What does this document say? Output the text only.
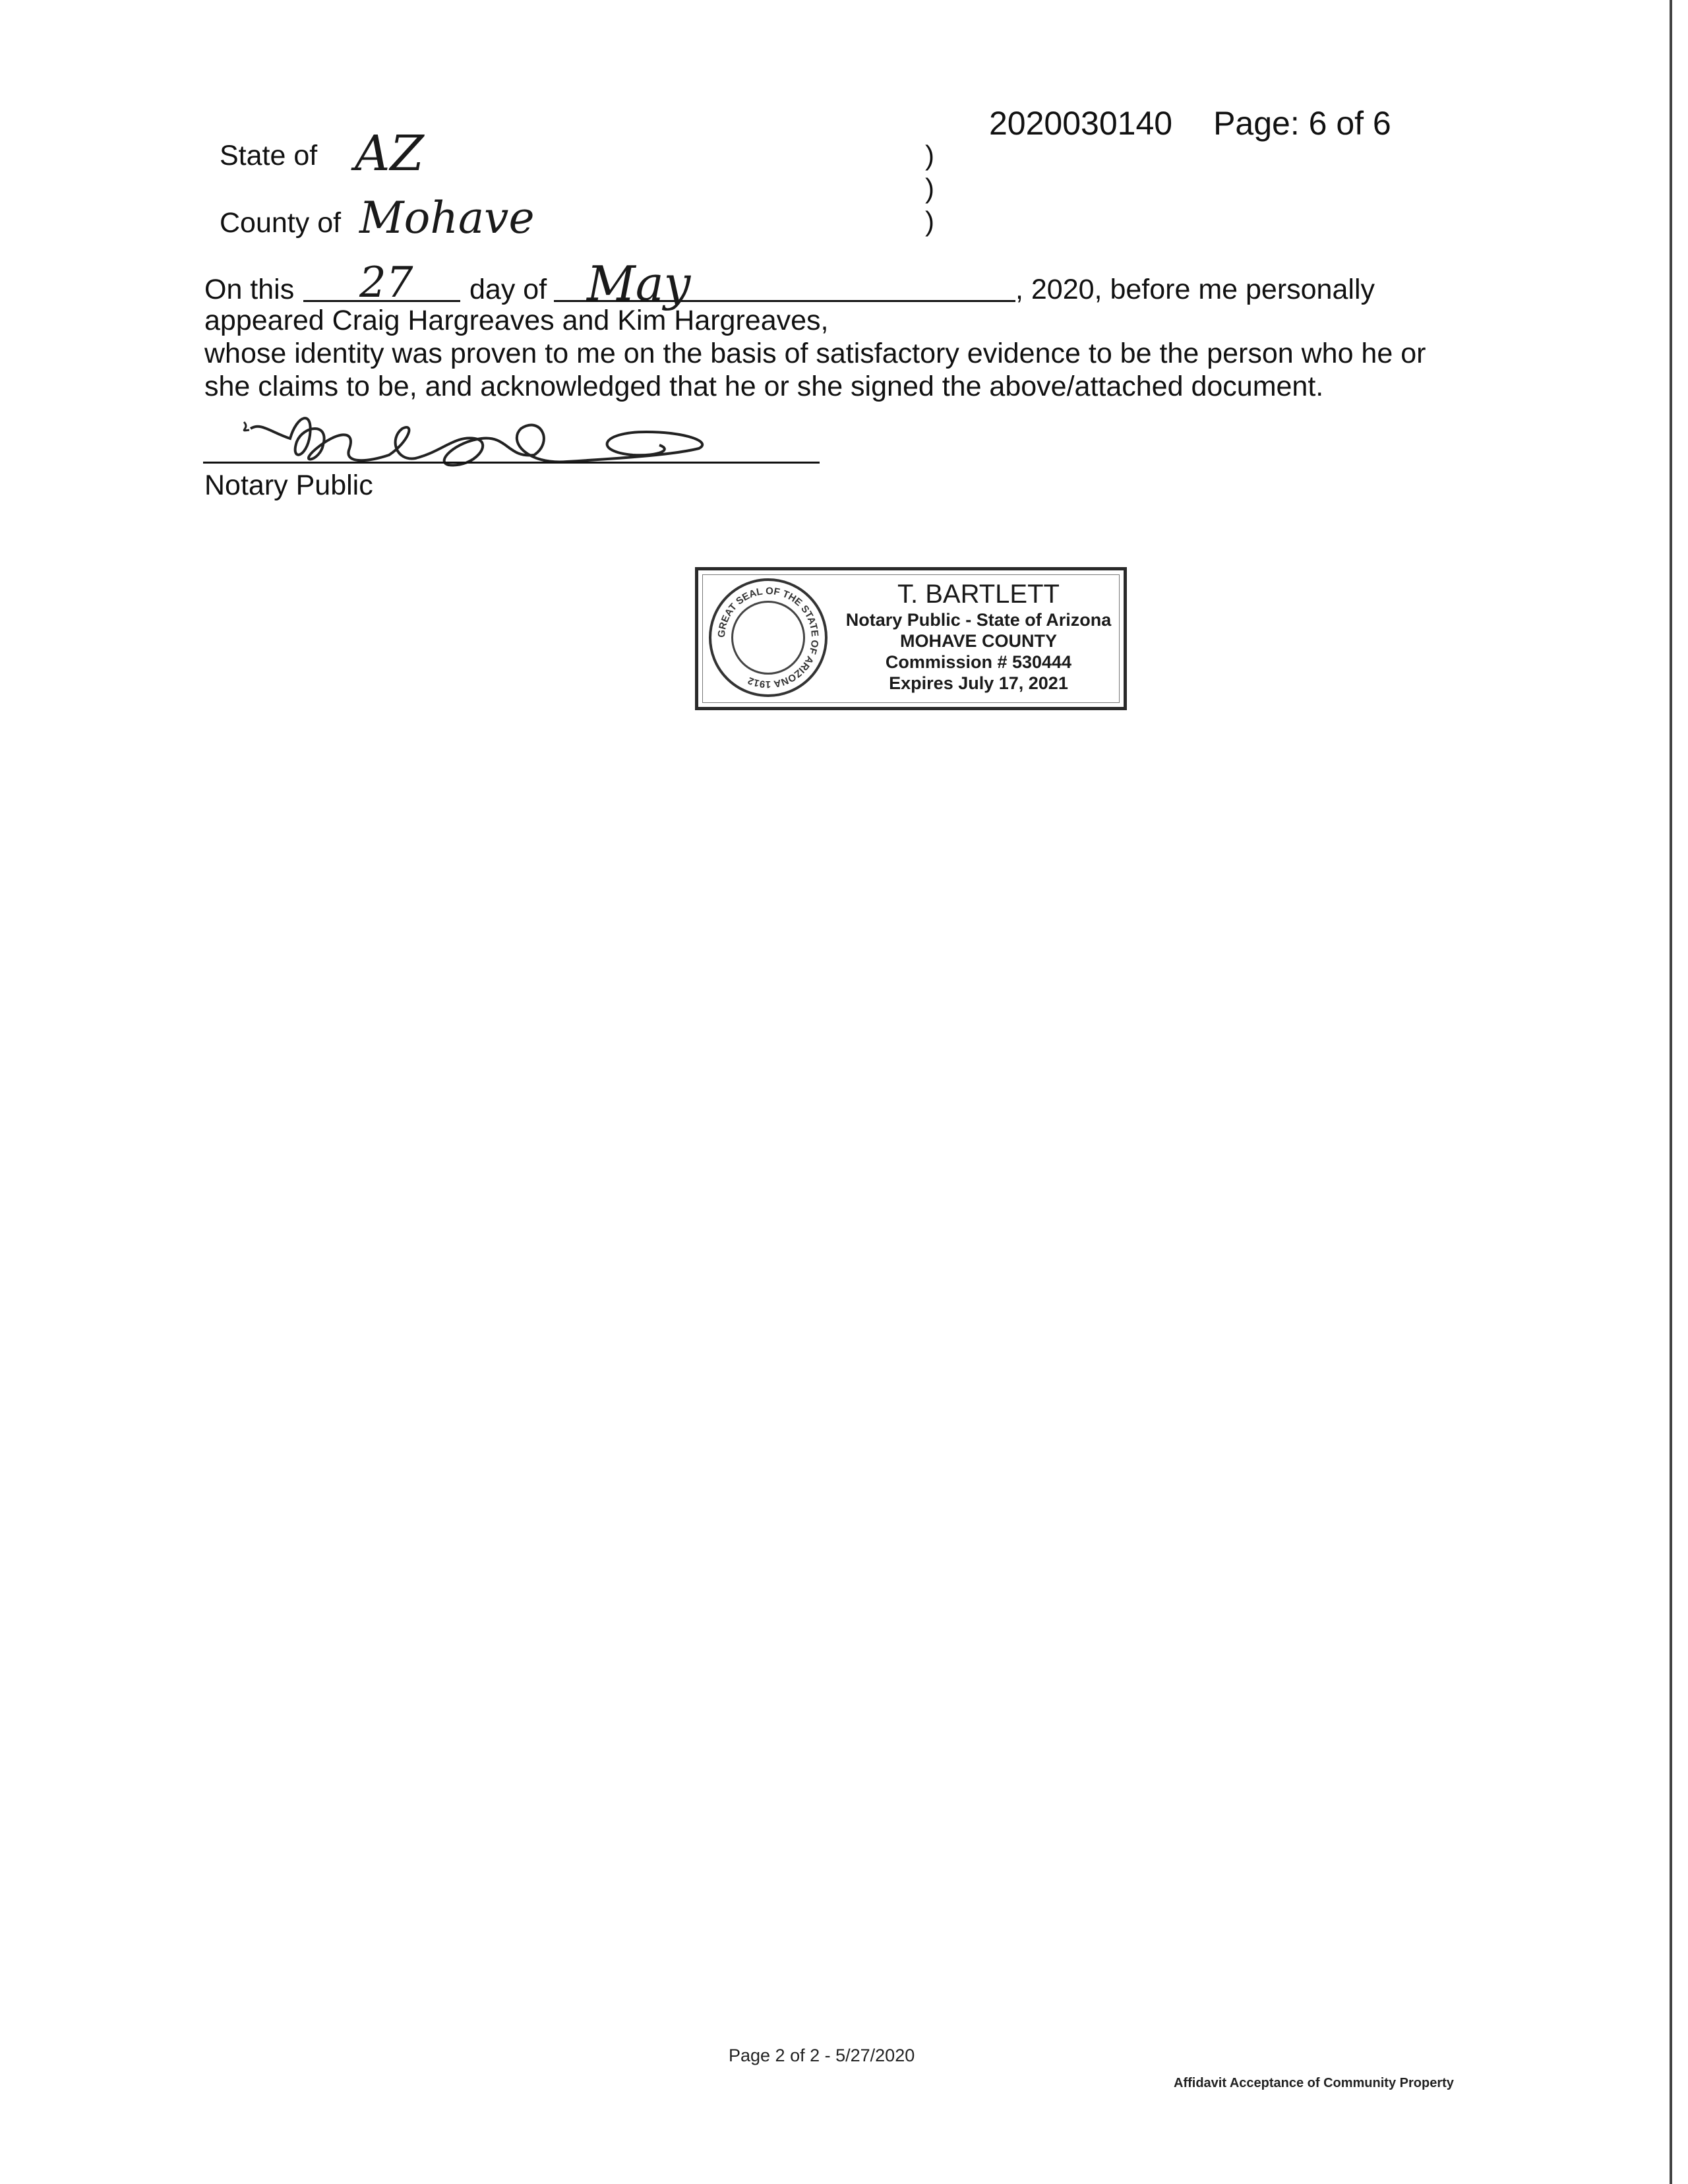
2020030140 Page: 6 of 6
State of AZ
County of Mohave
)
)
)
On this 27 day of May	, 2020, before me personally
appeared Craig Hargreaves and Kim Hargreaves,
whose identity was proven to me on the basis of satisfactory evidence to be the person who he or
she claims to be, and acknowledged that he or she signed the above/attached document.
Notary Public
GREAT SEAL OF THE STATE OF ARIZONA 1912
T. BARTLETT
Notary Public - State of Arizona
MOHAVE COUNTY
Commission # 530444
Expires July 17, 2021
Page 2 of 2 - 5/27/2020
Affidavit Acceptance of Community Property
